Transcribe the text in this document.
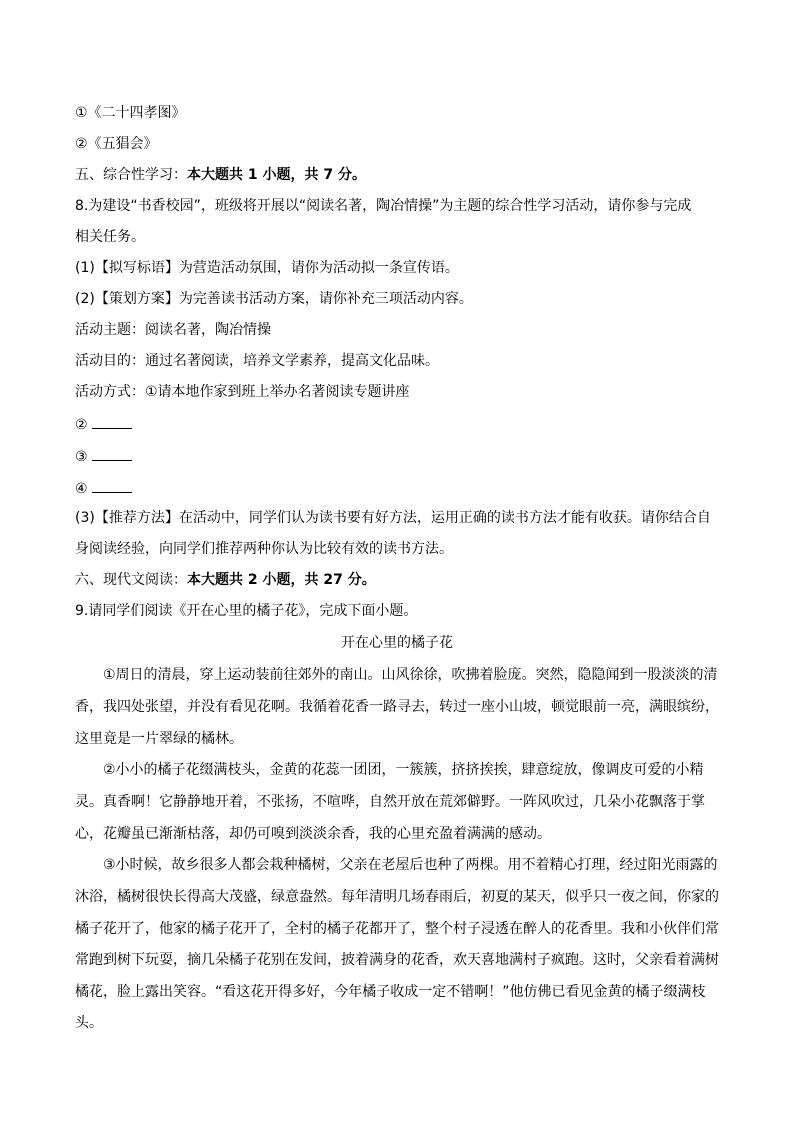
①《二十四孝图》
②《五猖会》
五、综合性学习：本大题共 1 小题，共 7 分。
8.为建设“书香校园”，班级将开展以“阅读名著，陶冶情操”为主题的综合性学习活动，请你参与完成
相关任务。
(1)【拟写标语】为营造活动氛围，请你为活动拟一条宣传语。
(2)【策划方案】为完善读书活动方案，请你补充三项活动内容。
活动主题：阅读名著，陶冶情操
活动目的：通过名著阅读，培养文学素养，提高文化品味。
活动方式：①请本地作家到班上举办名著阅读专题讲座
②
③
④
(3)【推荐方法】在活动中，同学们认为读书要有好方法，运用正确的读书方法才能有收获。请你结合自
身阅读经验，向同学们推荐两种你认为比较有效的读书方法。
六、现代文阅读：本大题共 2 小题，共 27 分。
9.请同学们阅读《开在心里的橘子花》，完成下面小题。
开在心里的橘子花
①周日的清晨，穿上运动装前往郊外的南山。山风徐徐，吹拂着脸庞。突然，隐隐闻到一股淡淡的清
香，我四处张望，并没有看见花啊。我循着花香一路寻去，转过一座小山坡，顿觉眼前一亮，满眼缤纷，
这里竟是一片翠绿的橘林。
②小小的橘子花缀满枝头，金黄的花蕊一团团，一簇簇，挤挤挨挨，肆意绽放，像调皮可爱的小精
灵。真香啊！它静静地开着，不张扬，不喧哗，自然开放在荒郊僻野。一阵风吹过，几朵小花飘落于掌
心，花瓣虽已渐渐枯落，却仍可嗅到淡淡余香，我的心里充盈着满满的感动。
③小时候，故乡很多人都会栽种橘树，父亲在老屋后也种了两棵。用不着精心打理，经过阳光雨露的
沐浴，橘树很快长得高大茂盛，绿意盎然。每年清明几场春雨后，初夏的某天，似乎只一夜之间，你家的
橘子花开了，他家的橘子花开了，全村的橘子花都开了，整个村子浸透在醉人的花香里。我和小伙伴们常
常跑到树下玩耍，摘几朵橘子花别在发间，披着满身的花香，欢天喜地满村子疯跑。这时，父亲看着满树
橘花，脸上露出笑容。“看这花开得多好，今年橘子收成一定不错啊！”他仿佛已看见金黄的橘子缀满枝
头。
